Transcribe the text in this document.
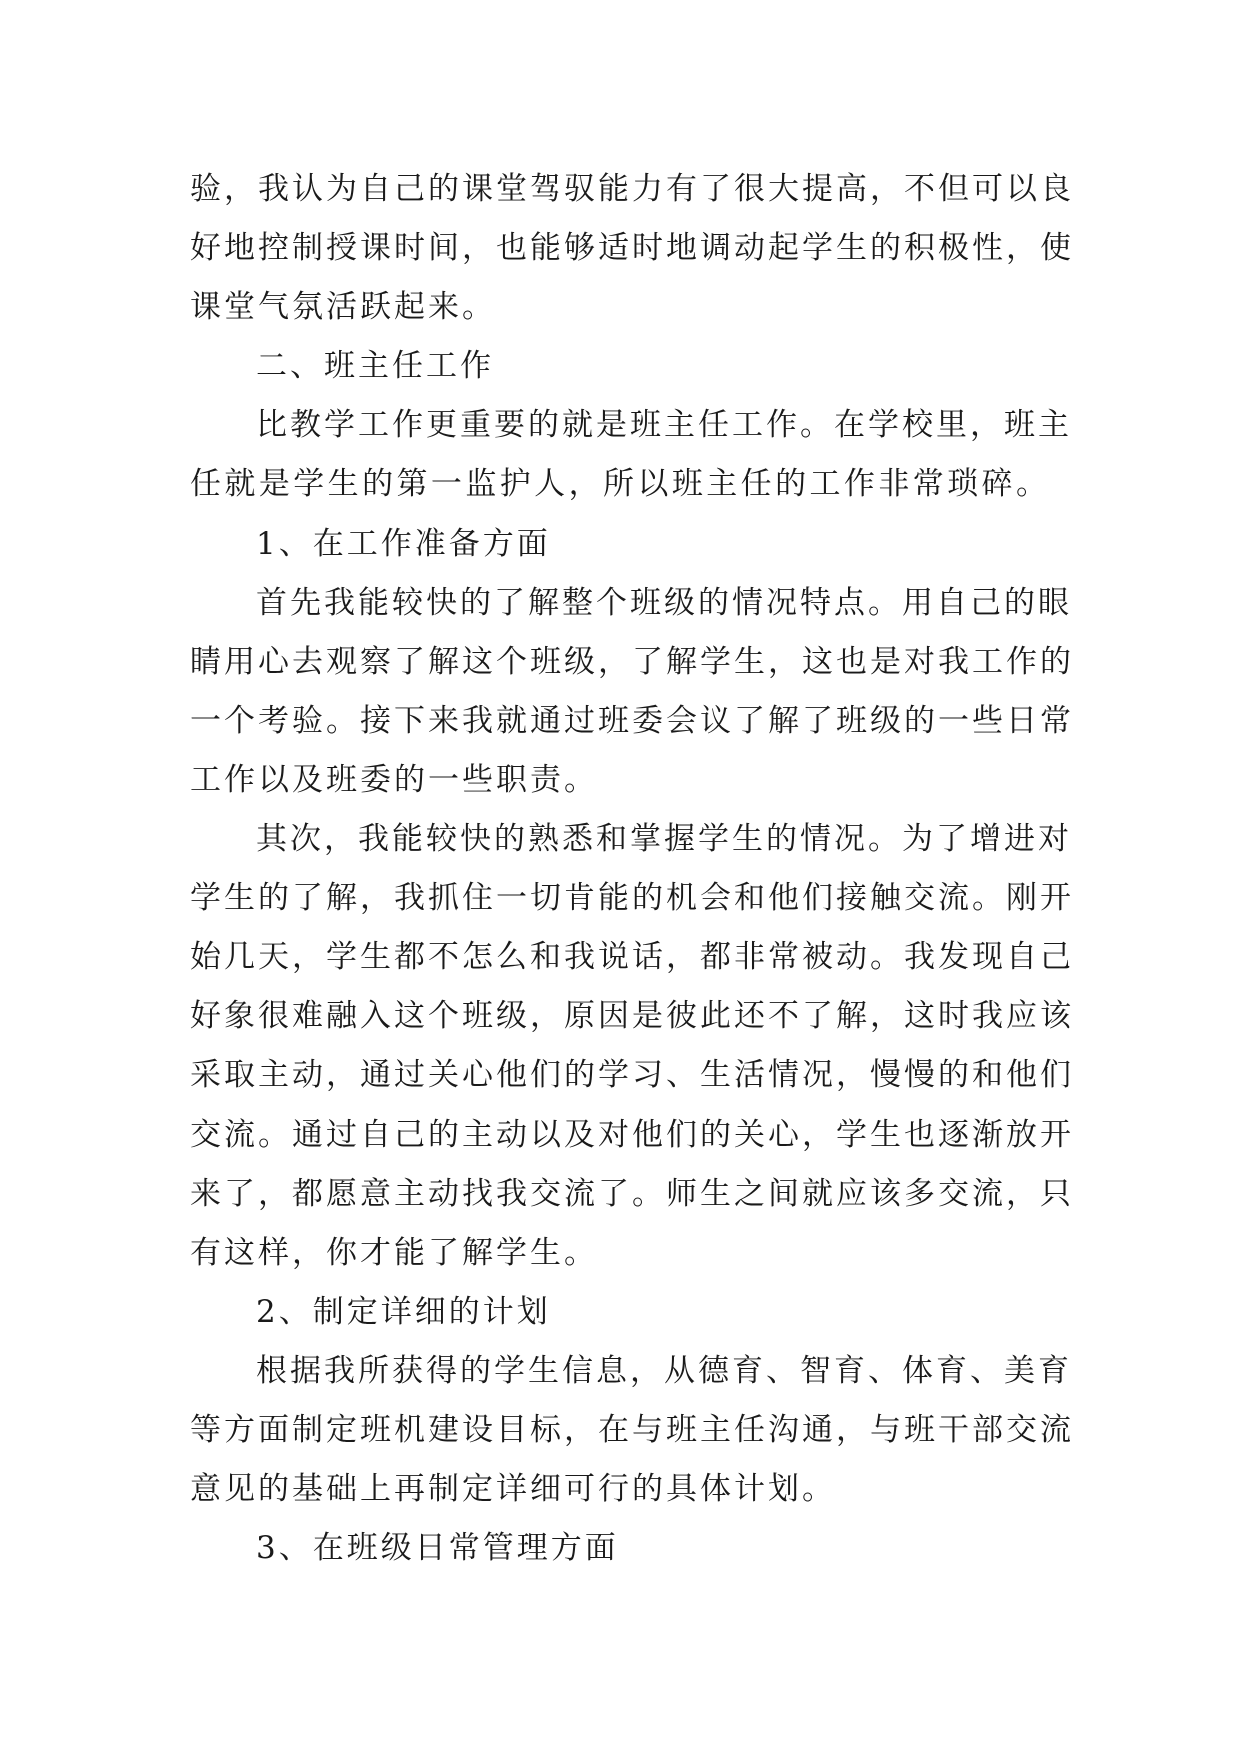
验，我认为自己的课堂驾驭能力有了很大提高，不但可以良
好地控制授课时间，也能够适时地调动起学生的积极性，使
课堂气氛活跃起来。
二、班主任工作
比教学工作更重要的就是班主任工作。在学校里，班主
任就是学生的第一监护人，所以班主任的工作非常琐碎。
1、在工作准备方面
首先我能较快的了解整个班级的情况特点。用自己的眼
睛用心去观察了解这个班级，了解学生，这也是对我工作的
一个考验。接下来我就通过班委会议了解了班级的一些日常
工作以及班委的一些职责。
其次，我能较快的熟悉和掌握学生的情况。为了增进对
学生的了解，我抓住一切肯能的机会和他们接触交流。刚开
始几天，学生都不怎么和我说话，都非常被动。我发现自己
好象很难融入这个班级，原因是彼此还不了解，这时我应该
采取主动，通过关心他们的学习、生活情况，慢慢的和他们
交流。通过自己的主动以及对他们的关心，学生也逐渐放开
来了，都愿意主动找我交流了。师生之间就应该多交流，只
有这样，你才能了解学生。
2、制定详细的计划
根据我所获得的学生信息，从德育、智育、体育、美育
等方面制定班机建设目标，在与班主任沟通，与班干部交流
意见的基础上再制定详细可行的具体计划。
3、在班级日常管理方面
